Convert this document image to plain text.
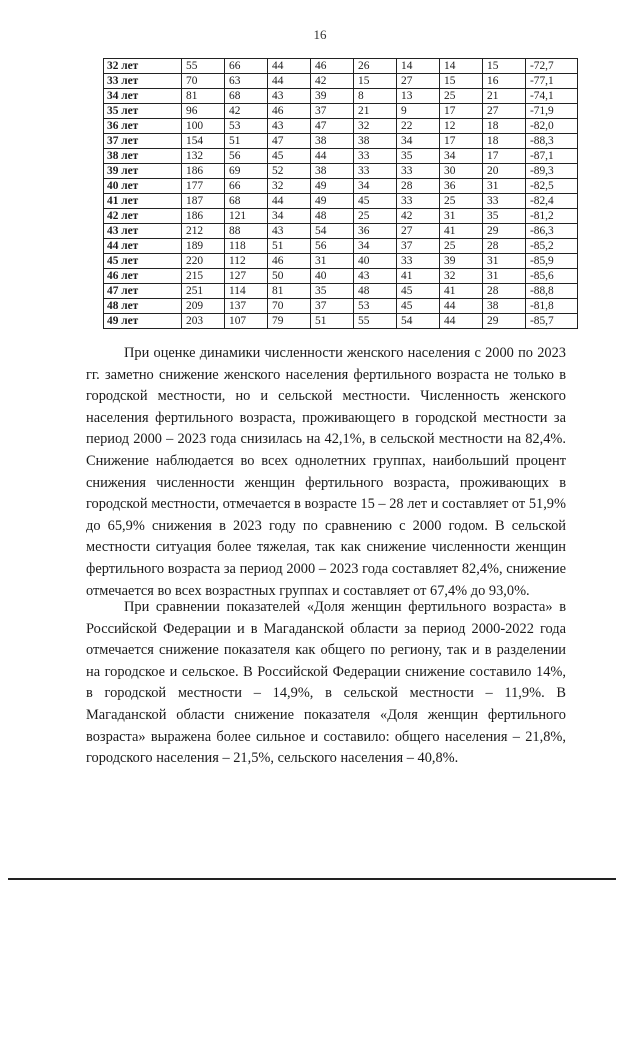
16
32 лет	55	66	44	46	26	14	14	15	-72,7
33 лет	70	63	44	42	15	27	15	16	-77,1
34 лет	81	68	43	39	8	13	25	21	-74,1
35 лет	96	42	46	37	21	9	17	27	-71,9
36 лет	100	53	43	47	32	22	12	18	-82,0
37 лет	154	51	47	38	38	34	17	18	-88,3
38 лет	132	56	45	44	33	35	34	17	-87,1
39 лет	186	69	52	38	33	33	30	20	-89,3
40 лет	177	66	32	49	34	28	36	31	-82,5
41 лет	187	68	44	49	45	33	25	33	-82,4
42 лет	186	121	34	48	25	42	31	35	-81,2
43 лет	212	88	43	54	36	27	41	29	-86,3
44 лет	189	118	51	56	34	37	25	28	-85,2
45 лет	220	112	46	31	40	33	39	31	-85,9
46 лет	215	127	50	40	43	41	32	31	-85,6
47 лет	251	114	81	35	48	45	41	28	-88,8
48 лет	209	137	70	37	53	45	44	38	-81,8
49 лет	203	107	79	51	55	54	44	29	-85,7

При оценке динамики численности женского населения с 2000 по 2023 гг. заметно снижение женского населения фертильного возраста не только в городской местности, но и сельской местности. Численность женского населения фертильного возраста, проживающего в городской местности за период 2000 – 2023 года снизилась на 42,1%, в сельской местности на 82,4%. Снижение наблюдается во всех однолетних группах, наибольший процент снижения численности женщин фертильного возраста, проживающих в городской местности, отмечается в возрасте 15 – 28 лет и составляет от 51,9% до 65,9% снижения в 2023 году по сравнению с 2000 годом. В сельской местности ситуация более тяжелая, так как снижение численности женщин фертильного возраста за период 2000 – 2023 года составляет 82,4%, снижение отмечается во всех возрастных группах и составляет от 67,4% до 93,0%.

При сравнении показателей «Доля женщин фертильного возраста» в Российской Федерации и в Магаданской области за период 2000-2022 года отмечается снижение показателя как общего по региону, так и в разделении на городское и сельское. В Российской Федерации снижение составило 14%, в городской местности – 14,9%, в сельской местности – 11,9%. В Магаданской области снижение показателя «Доля женщин фертильного возраста» выражена более сильное и составило: общего населения – 21,8%, городского населения – 21,5%, сельского населения – 40,8%.
